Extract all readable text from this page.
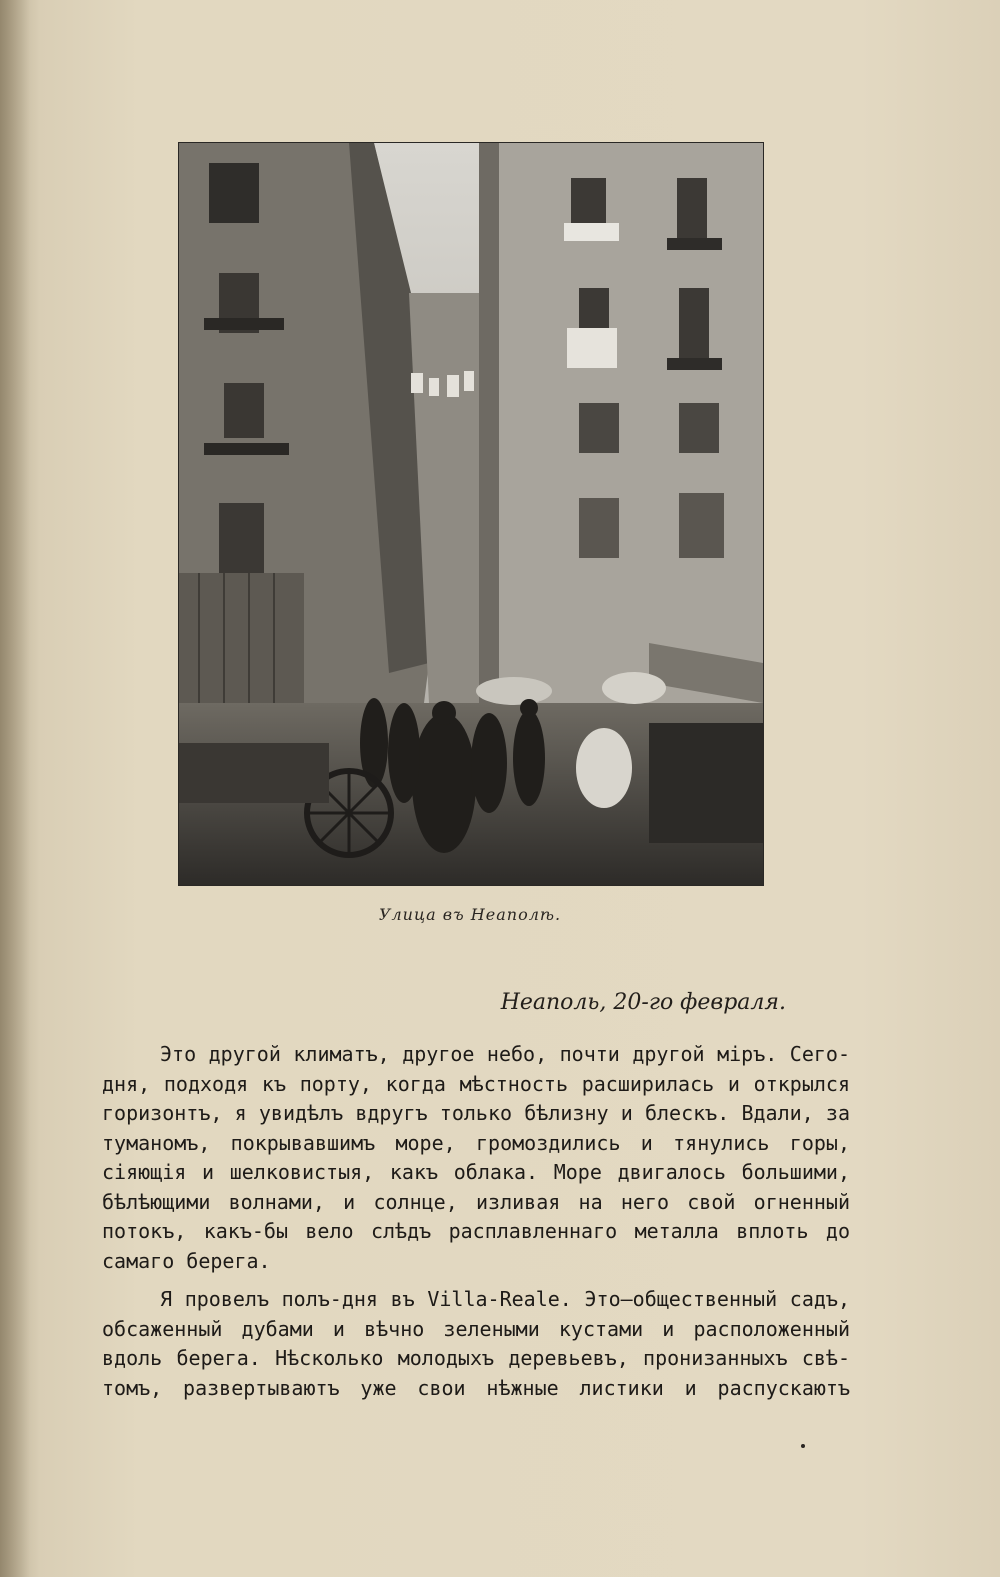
Улица въ Неаполѣ.
Неаполь, 20-го февраля.
Это другой климатъ, другое небо, почти другой міръ. Сего-
дня, подходя къ порту, когда мѣстность расширилась и открылся
горизонтъ, я увидѣлъ вдругъ только бѣлизну и блескъ. Вдали, за
туманомъ, покрывавшимъ море, громоздились и тянулись горы,
сіяющія и шелковистыя, какъ облака. Море двигалось большими,
бѣлѣющими волнами, и солнце, изливая на него свой огненный
потокъ, какъ-бы вело слѣдъ расплавленнаго металла вплоть до
самаго берега.
Я провелъ полъ-дня въ Villa-Reale. Это—общественный садъ,
обсаженный дубами и вѣчно зелеными кустами и расположенный
вдоль берега. Нѣсколько молодыхъ деревьевъ, пронизанныхъ свѣ-
томъ, развертываютъ уже свои нѣжные листики и распускаютъ
